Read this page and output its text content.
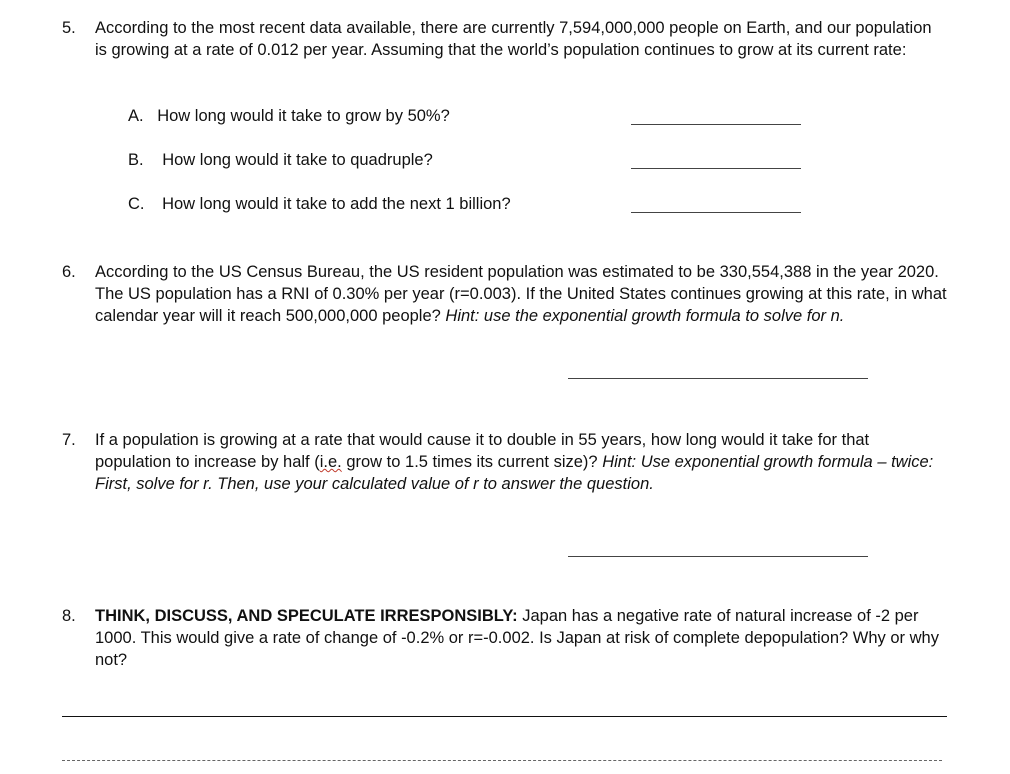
5.	According to the most recent data available, there are currently 7,594,000,000 people on Earth, and our population is growing at a rate of 0.012 per year. Assuming that the world’s population continues to grow at its current rate:
A. How long would it take to grow by 50%?
B. How long would it take to quadruple?
C. How long would it take to add the next 1 billion?
6.	According to the US Census Bureau, the US resident population was estimated to be 330,554,388 in the year 2020. The US population has a RNI of 0.30% per year (r=0.003). If the United States continues growing at this rate, in what calendar year will it reach 500,000,000 people? Hint: use the exponential growth formula to solve for n.
7.	If a population is growing at a rate that would cause it to double in 55 years, how long would it take for that population to increase by half (i.e. grow to 1.5 times its current size)? Hint: Use exponential growth formula – twice: First, solve for r. Then, use your calculated value of r to answer the question.
8.	THINK, DISCUSS, AND SPECULATE IRRESPONSIBLY: Japan has a negative rate of natural increase of -2 per 1000. This would give a rate of change of -0.2% or r=-0.002. Is Japan at risk of complete depopulation? Why or why not?
